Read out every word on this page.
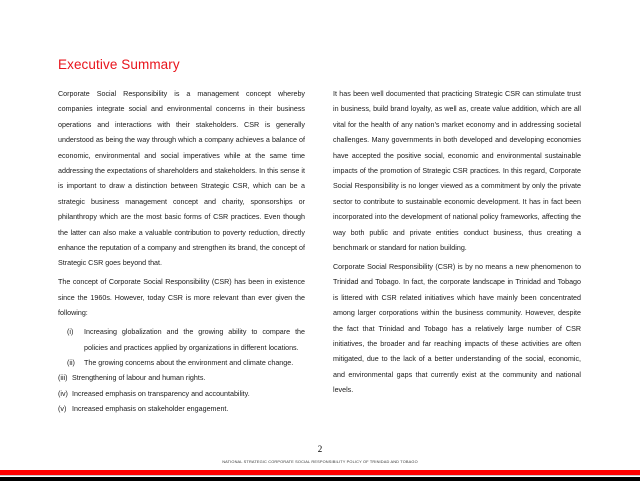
Executive Summary

Corporate Social Responsibility is a management concept whereby companies integrate social and environmental concerns in their business operations and interactions with their stakeholders. CSR is generally understood as being the way through which a company achieves a balance of economic, environmental and social imperatives while at the same time addressing the expectations of shareholders and stakeholders. In this sense it is important to draw a distinction between Strategic CSR, which can be a strategic business management concept and charity, sponsorships or philanthropy which are the most basic forms of CSR practices. Even though the latter can also make a valuable contribution to poverty reduction, directly enhance the reputation of a company and strengthen its brand, the concept of Strategic CSR goes beyond that.

The concept of Corporate Social Responsibility (CSR) has been in existence since the 1960s. However, today CSR is more relevant than ever given the following:

(i) Increasing globalization and the growing ability to compare the policies and practices applied by organizations in different locations.
(ii) The growing concerns about the environment and climate change.
(iii) Strengthening of labour and human rights.
(iv) Increased emphasis on transparency and accountability.
(v) Increased emphasis on stakeholder engagement.

It has been well documented that practicing Strategic CSR can stimulate trust in business, build brand loyalty, as well as, create value addition, which are all vital for the health of any nation’s market economy and in addressing societal challenges. Many governments in both developed and developing economies have accepted the positive social, economic and environmental sustainable impacts of the promotion of Strategic CSR practices. In this regard, Corporate Social Responsibility is no longer viewed as a commitment by only the private sector to contribute to sustainable economic development. It has in fact been incorporated into the development of national policy frameworks, affecting the way both public and private entities conduct business, thus creating a benchmark or standard for nation building.

Corporate Social Responsibility (CSR) is by no means a new phenomenon to Trinidad and Tobago. In fact, the corporate landscape in Trinidad and Tobago is littered with CSR related initiatives which have mainly been concentrated among larger corporations within the business community. However, despite the fact that Trinidad and Tobago has a relatively large number of CSR initiatives, the broader and far reaching impacts of these activities are often mitigated, due to the lack of a better understanding of the social, economic, and environmental gaps that currently exist at the community and national levels.

2
NATIONAL STRATEGIC CORPORATE SOCIAL RESPONSIBILITY POLICY OF TRINIDAD AND TOBAGO
